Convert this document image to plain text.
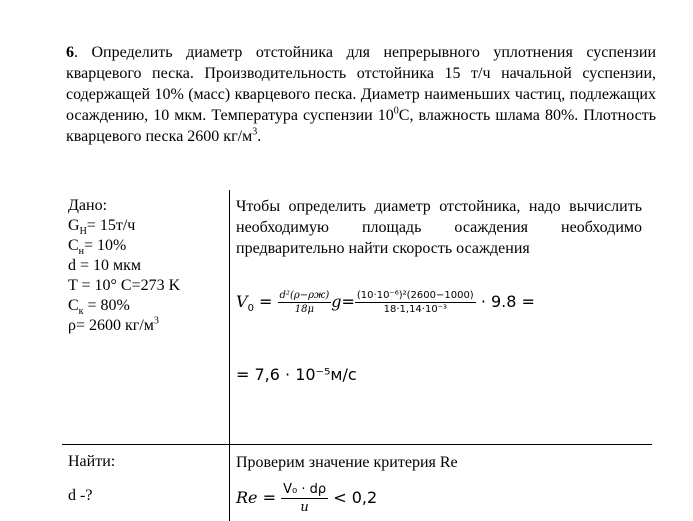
6. Определить диаметр отстойника для непрерывного уплотнения суспензии кварцевого песка. Производительность отстойника 15 т/ч начальной суспензии, содержащей 10% (масс) кварцевого песка. Диаметр наименьших частиц, подлежащих осаждению, 10 мкм. Температура суспензии $10^0С$, влажность шлама 80%. Плотность кварцевого песка 2600 $кг/м^3$.
Дано:
$G_Н= 15т/ч$
$C_н= 10\%$
d = 10 мкм
T = 10° C=273 K
$C_к = 80\%$
ρ= 2600 $кг/м^3$
Найти:
d -?
Чтобы определить диаметр отстойника, надо вычислить необходимую площадь осаждения необходимо предварительно найти скорость осаждения
$V_0 = \frac{\text{d²(ρ−ρж)}}{18\mu} g= \frac{\text{(10·10⁻⁶)²(2600−1000)}}{\text{18·1,14·10⁻³}} \cdot 9.8$ =
= 7,6 · 10⁻⁵м/с
Проверим значение критерия Re
$Re = \frac{\text{V₀ · dρ}}{u} < 0,2$
